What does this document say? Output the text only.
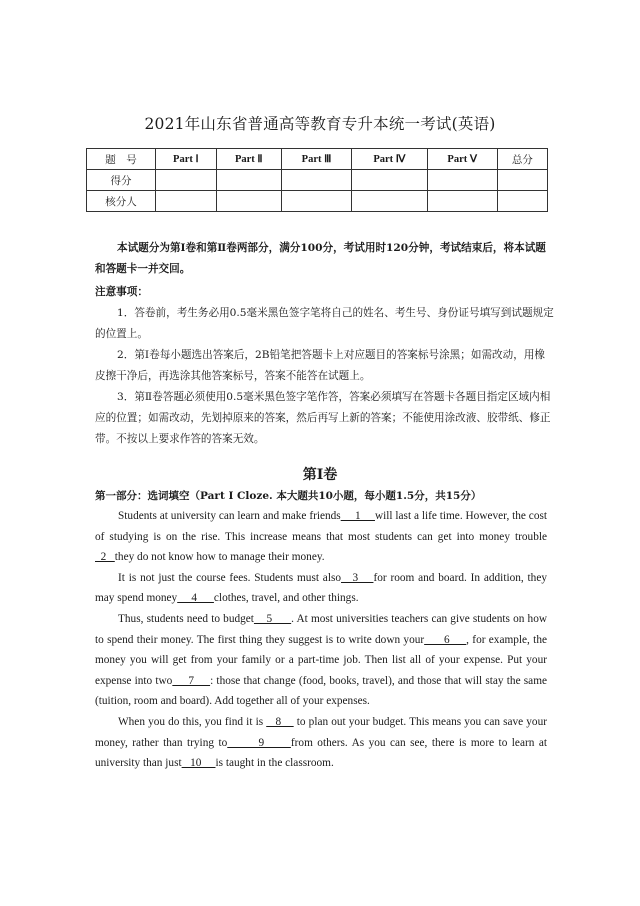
2021年山东省普通高等教育专升本统一考试(英语)
题　号	Part Ⅰ	Part Ⅱ	Part Ⅲ	Part Ⅳ	Part Ⅴ	总分
得分						
核分人						
本试题分为第Ⅰ卷和第Ⅱ卷两部分，满分100分，考试用时120分钟，考试结束后，将本试题和答题卡一并交回。
注意事项：
1．答卷前，考生务必用0.5毫米黑色签字笔将自己的姓名、考生号、身份证号填写到试题规定的位置上。
2．第Ⅰ卷每小题选出答案后，2B铅笔把答题卡上对应题目的答案标号涂黑；如需改动，用橡皮擦干净后，再选涂其他答案标号，答案不能答在试题上。
3．第Ⅱ卷答题必须使用0.5毫米黑色签字笔作答，答案必须填写在答题卡各题目指定区域内相应的位置；如需改动，先划掉原来的答案，然后再写上新的答案；不能使用涂改液、胶带纸、修正带。不按以上要求作答的答案无效。
第Ⅰ卷
第一部分：选词填空（Part Ⅰ Cloze. 本大题共10小题，每小题1.5分，共15分）

Students at university can learn and make friends     1     will last a life time. However, the cost of studying is on the rise. This increase means that most students can get into money trouble   2   they do not know how to manage their money.

It is not just the course fees. Students must also   3    for room and board. In addition, they may spend money     4      clothes, travel, and other things.

Thus, students need to budget    5      . At most universities teachers can give students on how to spend their money. The first thing they suggest is to write down your      6     , for example, the money you will get from your family or a part-time job. Then list all of your expense. Put your expense into two     7     : those that change (food, books, travel), and those that will stay the same (tuition, room and board). Add together all of your expenses.

When you do this, you find it is    8     to plan out your budget. This means you can save your money, rather than trying to       9      from others. As you can see, there is more to learn at university than just   10     is taught in the classroom.
